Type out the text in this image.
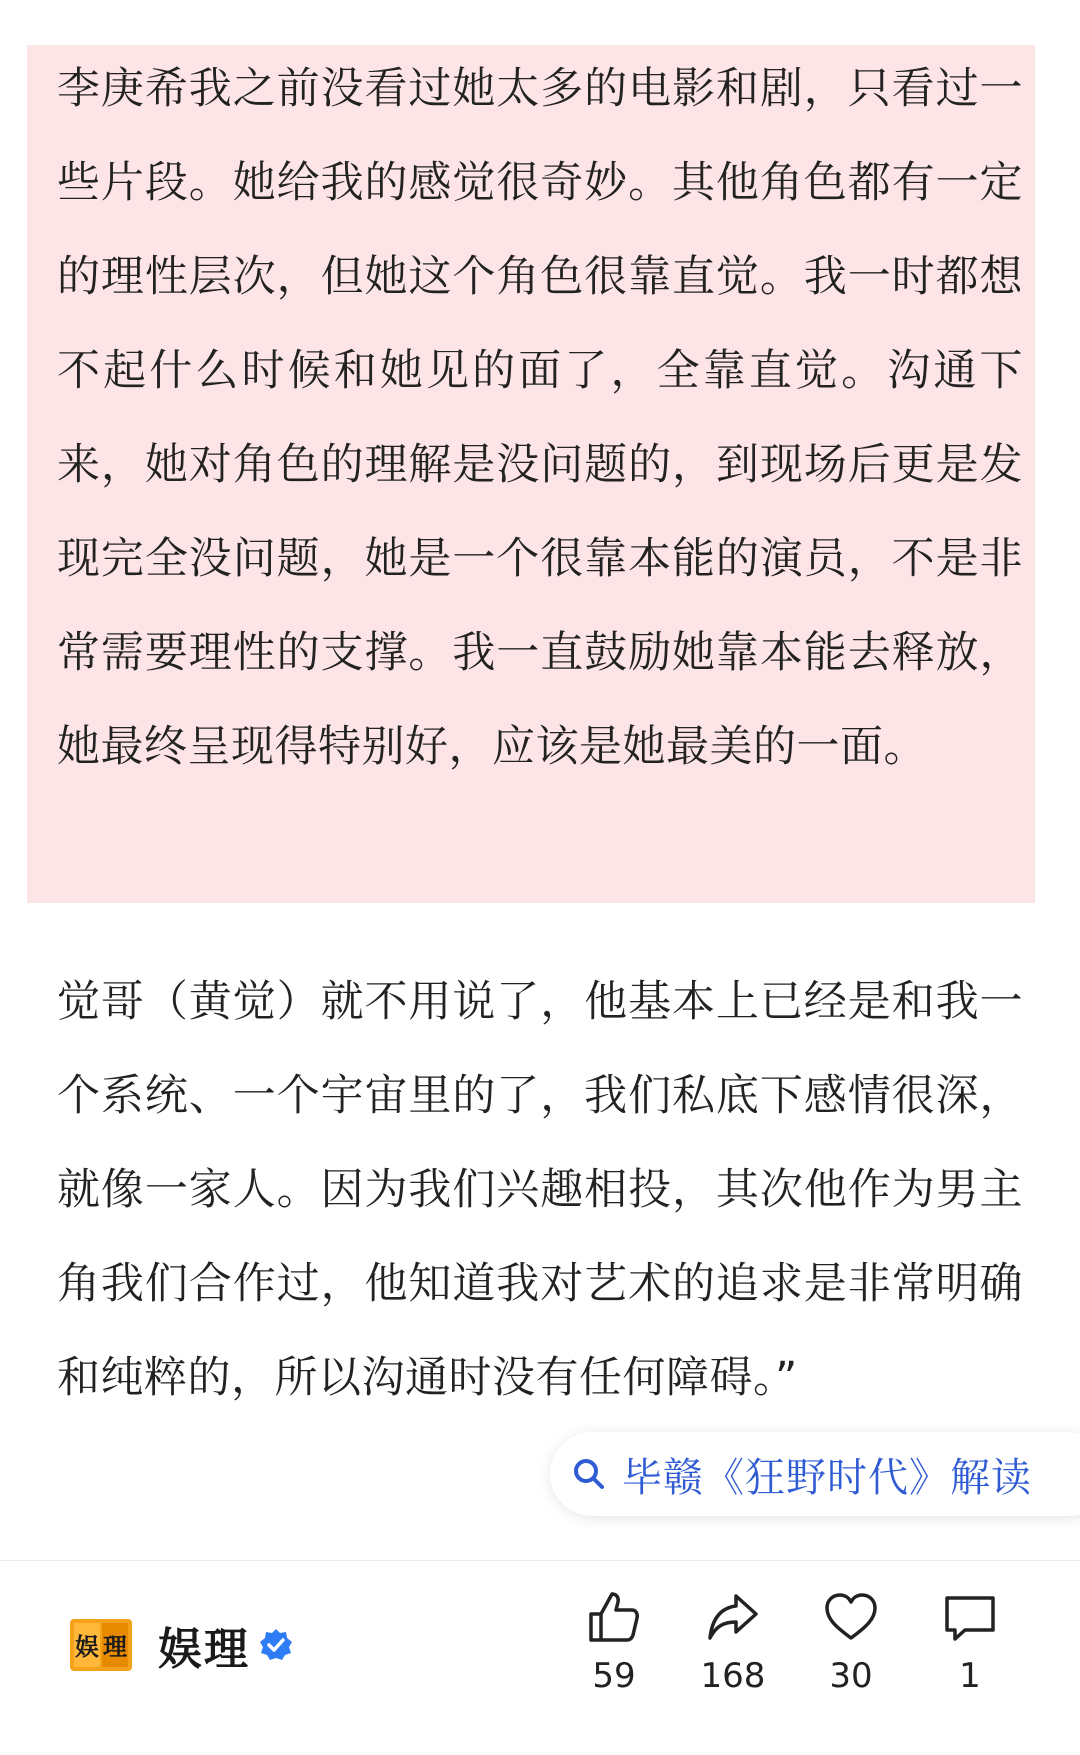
李庚希我之前没看过她太多的电影和剧，只看过一些片段。她给我的感觉很奇妙。其他角色都有一定的理性层次，但她这个角色很靠直觉。我一时都想不起什么时候和她见的面了，全靠直觉。沟通下来，她对角色的理解是没问题的，到现场后更是发现完全没问题，她是一个很靠本能的演员，不是非常需要理性的支撑。我一直鼓励她靠本能去释放，她最终呈现得特别好，应该是她最美的一面。

觉哥（黄觉）就不用说了，他基本上已经是和我一个系统、一个宇宙里的了，我们私底下感情很深，就像一家人。因为我们兴趣相投，其次他作为男主角我们合作过，他知道我对艺术的追求是非常明确和纯粹的，所以沟通时没有任何障碍。”

毕赣《狂野时代》解读
娱 理 娱理
59 168 30	1
